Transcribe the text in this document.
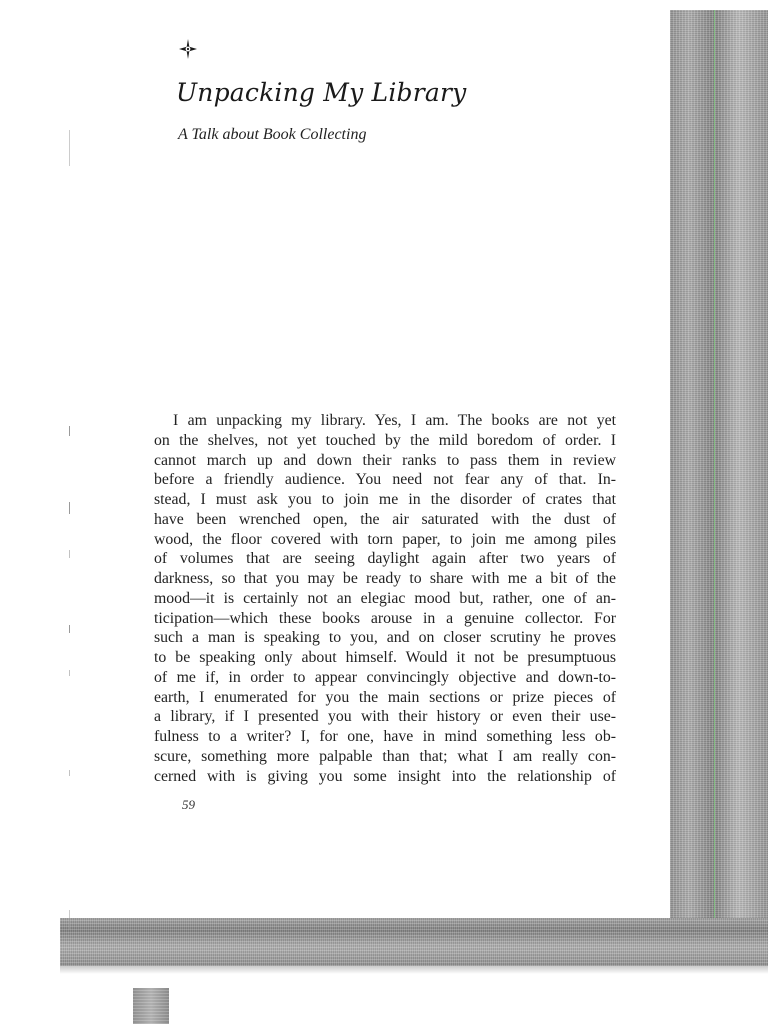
Unpacking My Library

A Talk about Book Collecting

I am unpacking my library. Yes, I am. The books are not yet
on the shelves, not yet touched by the mild boredom of order. I
cannot march up and down their ranks to pass them in review
before a friendly audience. You need not fear any of that. In-
stead, I must ask you to join me in the disorder of crates that
have been wrenched open, the air saturated with the dust of
wood, the floor covered with torn paper, to join me among piles
of volumes that are seeing daylight again after two years of
darkness, so that you may be ready to share with me a bit of the
mood—it is certainly not an elegiac mood but, rather, one of an-
ticipation—which these books arouse in a genuine collector. For
such a man is speaking to you, and on closer scrutiny he proves
to be speaking only about himself. Would it not be presumptuous
of me if, in order to appear convincingly objective and down-to-
earth, I enumerated for you the main sections or prize pieces of
a library, if I presented you with their history or even their use-
fulness to a writer? I, for one, have in mind something less ob-
scure, something more palpable than that; what I am really con-
cerned with is giving you some insight into the relationship of

59
